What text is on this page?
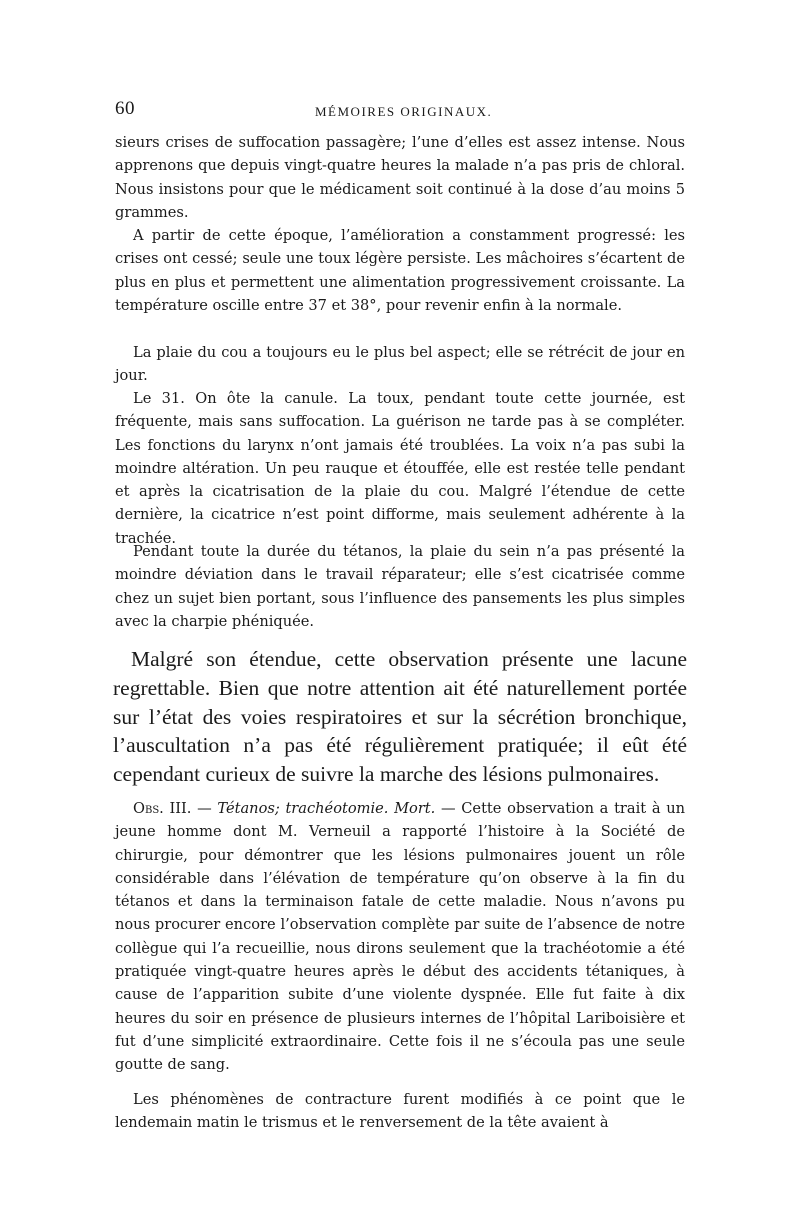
60	MÉMOIRES ORIGINAUX.

sieurs crises de suffocation passagère; l’une d’elles est assez intense. Nous apprenons que depuis vingt-quatre heures la malade n’a pas pris de chloral. Nous insistons pour que le médicament soit continué à la dose d’au moins 5 grammes.

A partir de cette époque, l’amélioration a constamment progressé: les crises ont cessé; seule une toux légère persiste. Les mâchoires s’écartent de plus en plus et permettent une alimentation progressivement croissante. La température oscille entre 37 et 38°, pour revenir enfin à la normale.

La plaie du cou a toujours eu le plus bel aspect; elle se rétrécit de jour en jour.

Le 31. On ôte la canule. La toux, pendant toute cette journée, est fréquente, mais sans suffocation. La guérison ne tarde pas à se compléter. Les fonctions du larynx n’ont jamais été troublées. La voix n’a pas subi la moindre altération. Un peu rauque et étouffée, elle est restée telle pendant et après la cicatrisation de la plaie du cou. Malgré l’étendue de cette dernière, la cicatrice n’est point difforme, mais seulement adhérente à la trachée.

Pendant toute la durée du tétanos, la plaie du sein n’a pas présenté la moindre déviation dans le travail réparateur; elle s’est cicatrisée comme chez un sujet bien portant, sous l’influence des pansements les plus simples avec la charpie phéniquée.

Malgré son étendue, cette observation présente une lacune regrettable. Bien que notre attention ait été naturellement portée sur l’état des voies respiratoires et sur la sécrétion bronchique, l’auscultation n’a pas été régulièrement pratiquée; il eût été cependant curieux de suivre la marche des lésions pulmonaires.

Obs. III. — Tétanos; trachéotomie. Mort. — Cette observation a trait à un jeune homme dont M. Verneuil a rapporté l’histoire à la Société de chirurgie, pour démontrer que les lésions pulmonaires jouent un rôle considérable dans l’élévation de température qu’on observe à la fin du tétanos et dans la terminaison fatale de cette maladie. Nous n’avons pu nous procurer encore l’observation complète par suite de l’absence de notre collègue qui l’a recueillie, nous dirons seulement que la trachéotomie a été pratiquée vingt-quatre heures après le début des accidents tétaniques, à cause de l’apparition subite d’une violente dyspnée. Elle fut faite à dix heures du soir en présence de plusieurs internes de l’hôpital Lariboisière et fut d’une simplicité extraordinaire. Cette fois il ne s’écoula pas une seule goutte de sang.

Les phénomènes de contracture furent modifiés à ce point que le lendemain matin le trismus et le renversement de la tête avaient à
